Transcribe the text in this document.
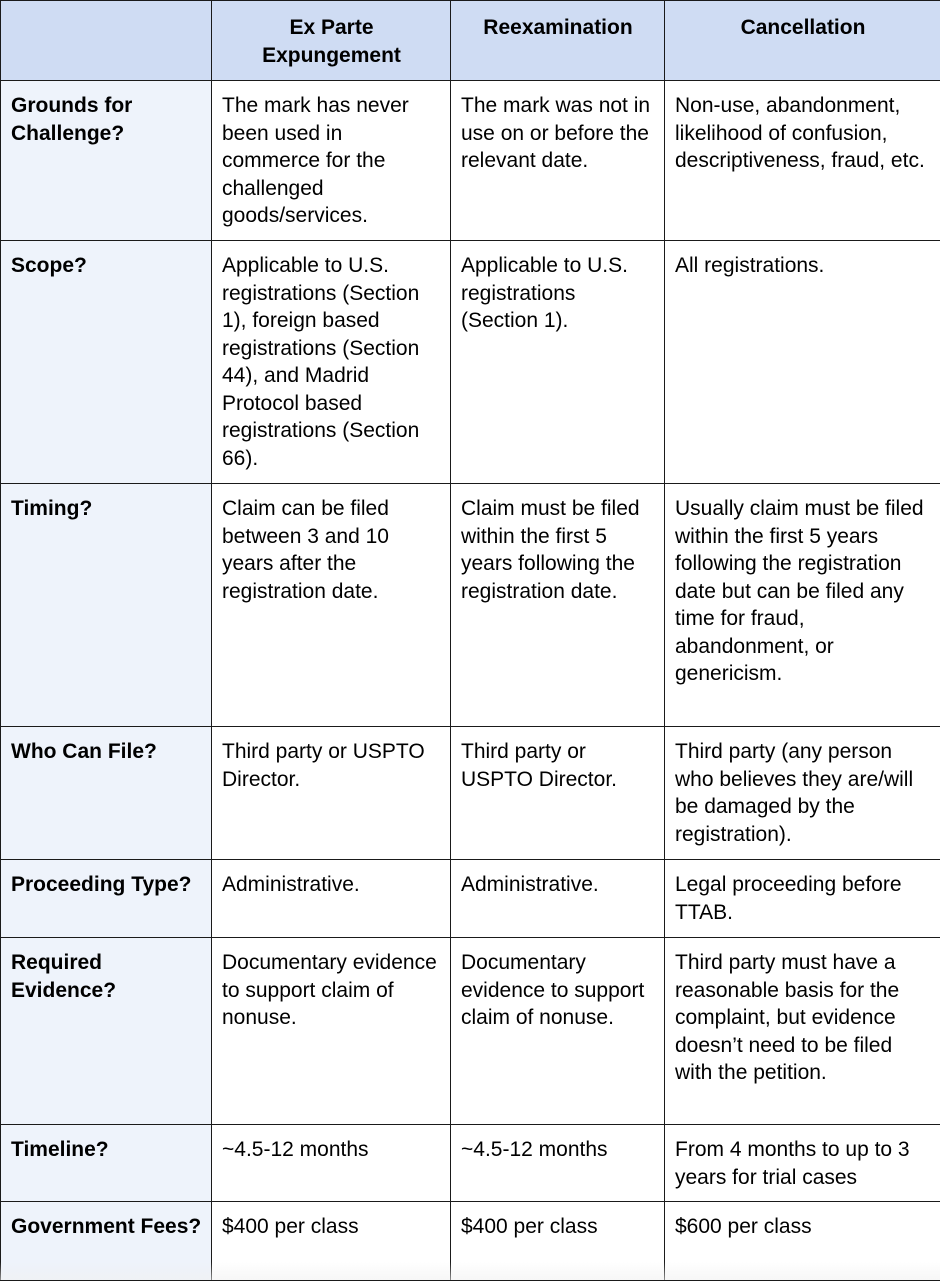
	Ex Parte Expungement	Reexamination	Cancellation
Grounds for Challenge?	The mark has never been used in commerce for the challenged goods/services.	The mark was not in use on or before the relevant date.	Non-use, abandonment, likelihood of confusion, descriptiveness, fraud, etc.
Scope?	Applicable to U.S. registrations (Section 1), foreign based registrations (Section 44), and Madrid Protocol based registrations (Section 66).	Applicable to U.S. registrations (Section 1).	All registrations.
Timing?	Claim can be filed between 3 and 10 years after the registration date.	Claim must be filed within the first 5 years following the registration date.	Usually claim must be filed within the first 5 years following the registration date but can be filed any time for fraud, abandonment, or genericism.
Who Can File?	Third party or USPTO Director.	Third party or USPTO Director.	Third party (any person who believes they are/will be damaged by the registration).
Proceeding Type?	Administrative.	Administrative.	Legal proceeding before TTAB.
Required Evidence?	Documentary evidence to support claim of nonuse.	Documentary evidence to support claim of nonuse.	Third party must have a reasonable basis for the complaint, but evidence doesn’t need to be filed with the petition.
Timeline?	~4.5-12 months	~4.5-12 months	From 4 months to up to 3 years for trial cases
Government Fees?	$400 per class	$400 per class	$600 per class
